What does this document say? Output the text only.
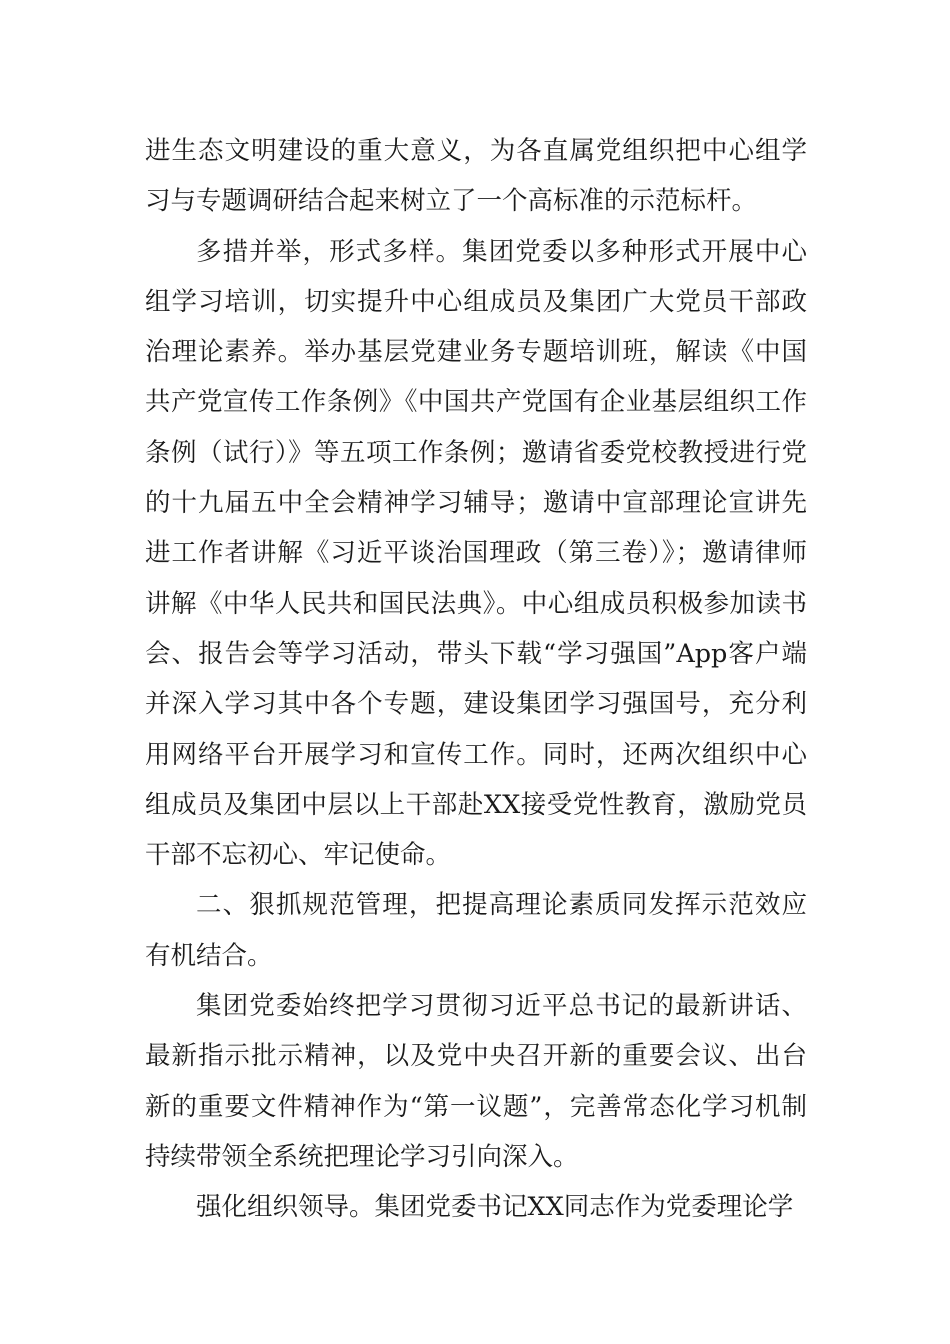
进生态文明建设的重大意义，为各直属党组织把中心组学习与专题调研结合起来树立了一个高标准的示范标杆。

多措并举，形式多样。集团党委以多种形式开展中心组学习培训，切实提升中心组成员及集团广大党员干部政治理论素养。举办基层党建业务专题培训班，解读《中国共产党宣传工作条例》《中国共产党国有企业基层组织工作条例（试行）》等五项工作条例；邀请省委党校教授进行党的十九届五中全会精神学习辅导；邀请中宣部理论宣讲先进工作者讲解《习近平谈治国理政（第三卷）》；邀请律师讲解《中华人民共和国民法典》。中心组成员积极参加读书会、报告会等学习活动，带头下载“学习强国”App客户端并深入学习其中各个专题，建设集团学习强国号，充分利用网络平台开展学习和宣传工作。同时，还两次组织中心组成员及集团中层以上干部赴XX接受党性教育，激励党员干部不忘初心、牢记使命。

二、狠抓规范管理，把提高理论素质同发挥示范效应有机结合。

集团党委始终把学习贯彻习近平总书记的最新讲话、最新指示批示精神，以及党中央召开新的重要会议、出台新的重要文件精神作为“第一议题”，完善常态化学习机制持续带领全系统把理论学习引向深入。

强化组织领导。集团党委书记XX同志作为党委理论学
